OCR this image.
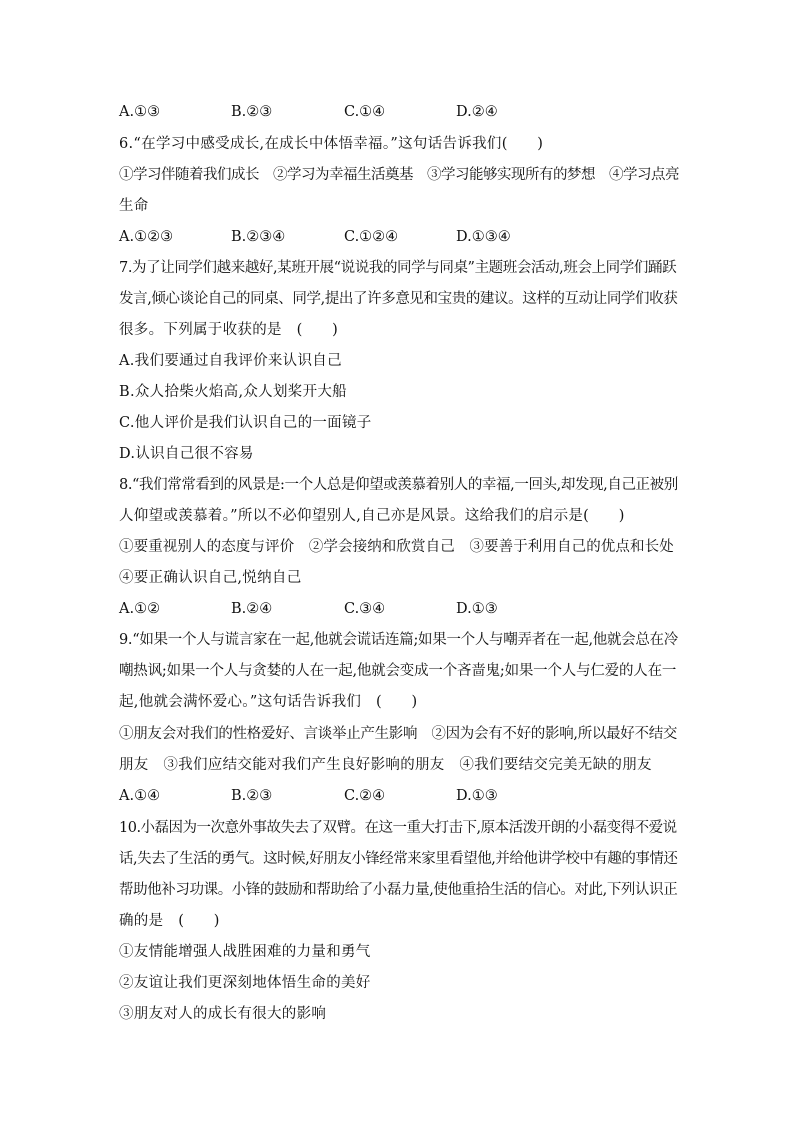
A.①③	B.②③	C.①④	D.②④
6.“在学习中感受成长,在成长中体悟幸福。”这句话告诉我们(　　)
①学习伴随着我们成长　②学习为幸福生活奠基　③学习能够实现所有的梦想　④学习点亮
生命
A.①②③	B.②③④	C.①②④	D.①③④
7.为了让同学们越来越好,某班开展“说说我的同学与同桌”主题班会活动,班会上同学们踊跃
发言,倾心谈论自己的同桌、同学,提出了许多意见和宝贵的建议。这样的互动让同学们收获
很多。下列属于收获的是　(　　)
A.我们要通过自我评价来认识自己
B.众人拾柴火焰高,众人划桨开大船
C.他人评价是我们认识自己的一面镜子
D.认识自己很不容易
8.“我们常常看到的风景是:一个人总是仰望或羡慕着别人的幸福,一回头,却发现,自己正被别
人仰望或羡慕着。”所以不必仰望别人,自己亦是风景。这给我们的启示是(　　)
①要重视别人的态度与评价　②学会接纳和欣赏自己　③要善于利用自己的优点和长处
④要正确认识自己,悦纳自己
A.①②	B.②④	C.③④	D.①③
9.“如果一个人与谎言家在一起,他就会谎话连篇;如果一个人与嘲弄者在一起,他就会总在冷
嘲热讽;如果一个人与贪婪的人在一起,他就会变成一个吝啬鬼;如果一个人与仁爱的人在一
起,他就会满怀爱心。”这句话告诉我们　(　　)
①朋友会对我们的性格爱好、言谈举止产生影响　②因为会有不好的影响,所以最好不结交
朋友　③我们应结交能对我们产生良好影响的朋友　④我们要结交完美无缺的朋友
A.①④	B.②③	C.②④	D.①③
10.小磊因为一次意外事故失去了双臂。在这一重大打击下,原本活泼开朗的小磊变得不爱说
话,失去了生活的勇气。这时候,好朋友小锋经常来家里看望他,并给他讲学校中有趣的事情还
帮助他补习功课。小锋的鼓励和帮助给了小磊力量,使他重拾生活的信心。对此,下列认识正
确的是　(　　)
①友情能增强人战胜困难的力量和勇气
②友谊让我们更深刻地体悟生命的美好
③朋友对人的成长有很大的影响
